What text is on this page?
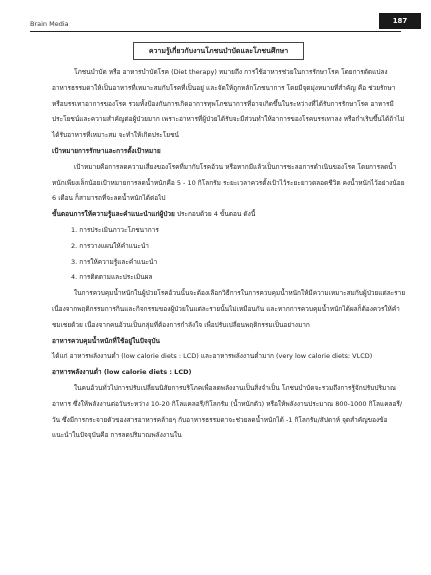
Brain Media	187
ความรู้เกี่ยวกับงานโภชนบำบัดและโภชนศึกษา

โภชนบำบัด หรือ อาหารบำบัดโรค (Diet therapy) หมายถึง การใช้อาหารช่วยในการรักษาโรค โดยการดัดแปลงอาหารธรรมดาให้เป็นอาหารที่เหมาะสมกับโรคที่เป็นอยู่ และจัดให้ถูกหลักโภชนาการ โดยมีจุดมุ่งหมายที่สำคัญ คือ ช่วยรักษาหรือบรรเทาอาการของโรค รวมทั้งป้องกันการเกิดอาการทุพโภชนาการที่อาจเกิดขึ้นในระหว่างที่ได้รับการรักษาโรค อาหารมีประโยชน์และความสำคัญต่อผู้ป่วยมาก เพราะอาหารที่ผู้ป่วยได้รับจะมีส่วนทำให้อาการของโรคบรรเทาลง หรือกำเริบขึ้นได้ถ้าไม่ได้รับอาหารที่เหมาะสม จะทำให้เกิดประโยชน์

เป้าหมายการรักษาและการตั้งเป้าหมาย

เป้าหมายคือการลดความเสี่ยงของโรคที่มากับโรคอ้วน หรือหากมีแล้วเป็นการชะลอการดำเนินของโรค โดยการลดน้ำหนักเพียงเล็กน้อยเป้าหมายการลดน้ำหนักคือ 5 - 10 กิโลกรัม ระยะเวลาควรตั้งเป้าไว้ระยะยาวตลอดชีวิต คงน้ำหนักไว้อย่างน้อย 6 เดือน ก็สามารถที่จะลดน้ำหนักได้ต่อไป

ขั้นตอนการให้ความรู้และคำแนะนำแก่ผู้ป่วย ประกอบด้วย 4 ขั้นตอน ดังนี้

1. การประเมินภาวะโภชนาการ
2. การวางแผนให้คำแนะนำ
3. การให้ความรู้และคำแนะนำ
4. การติดตามและประเมินผล

ในการควบคุมน้ำหนักในผู้ป่วยโรคอ้วนนั้นจะต้องเลือกวิธีการในการควบคุมน้ำหนักให้มีความเหมาะสมกับผู้ป่วยแต่ละราย เนื่องจากพฤติกรรมการกินและกิจกรรมของผู้ป่วยในแต่ละรายนั้นไม่เหมือนกัน และหากการควบคุมน้ำหนักได้ผลก็ต้องควรให้คำชมเชยด้วย เนื่องจากคนอ้วนเป็นกลุ่มที่ต้องการกำลังใจ เพื่อปรับเปลี่ยนพฤติกรรมเป็นอย่างมาก

อาหารควบคุมน้ำหนักที่ใช้อยู่ในปัจจุบัน

ได้แก่ อาหารพลังงานต่ำ (low calorie diets : LCD) และอาหารพลังงานต่ำมาก (very low calorie diets: VLCD)

อาหารพลังงานต่ำ (low calorie diets : LCD)

ในคนอ้วนทั่วไปการปรับเปลี่ยนนิสัยการบริโภคเพื่อลดพลังงานเป็นสิ่งจำเป็น โภชนบำบัดจะรวมถึงการรู้จักปรับปริมาณอาหาร ซึ่งให้พลังงานต่อวันระหว่าง 10-20 กิโลแคลอรี/กิโลกรัม (น้ำหนักตัว) หรือให้พลังงานประมาณ 800-1000 กิโลแคลอรี/วัน ซึ่งมีการกระจายตัวของสารอาหารคล้ายๆ กับอาหารธรรมดาจะช่วยลดน้ำหนักได้ -1 กิโลกรัม/สัปดาห์ จุดสำคัญของข้อแนะนำในปัจจุบันคือ การลดปริมาณพลังงานใน
